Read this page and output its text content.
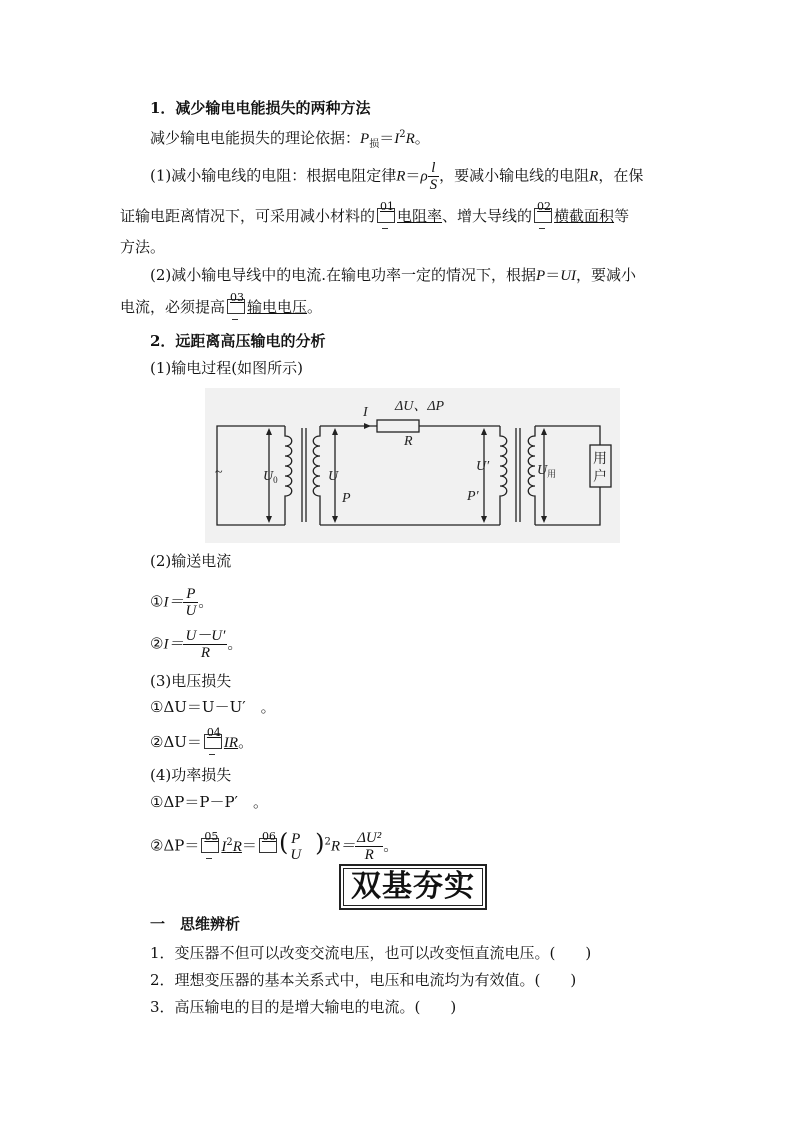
1．减少输电电能损失的两种方法
减少输电电能损失的理论依据：$P_损=I^2R$。
(1)减小输电线的电阻：根据电阻定律$R=\rho \frac{l}{S}$ ，要减小输电线的电阻R，在保
证输电距离情况下，可采用减小材料的
01
电阻率、增大导线的
02
横截面积等
方法。
(2)减小输电导线中的电流.在输电功率一定的情况下，根据P＝UI，要减小
电流，必须提高
03
输电电压。
2．远距离高压输电的分析
(1)输电过程(如图所示)
~	$U_0$	U
P
I ΔU、ΔP
R
U′
P′
$U_用$
用
户
(2)输送电流
①I＝ $\frac{P}{U}$ 。
②I＝ $\frac{U-U'}{R}$ 。
(3)电压损失
①ΔU＝U－U′　。
②ΔU＝
04
IR。
(4)功率损失
①ΔP＝P－P′　。
②ΔP＝
05
$I^2R=$
06 ( P
U )$^2R= \frac{\text{ΔU²}}{R}$ 。
双基夯实
一　 思维辨析
1．变压器不但可以改变交流电压，也可以改变恒直流电压。(　　)
2．理想变压器的基本关系式中，电压和电流均为有效值。(　　)
3．高压输电的目的是增大输电的电流。(　　)
